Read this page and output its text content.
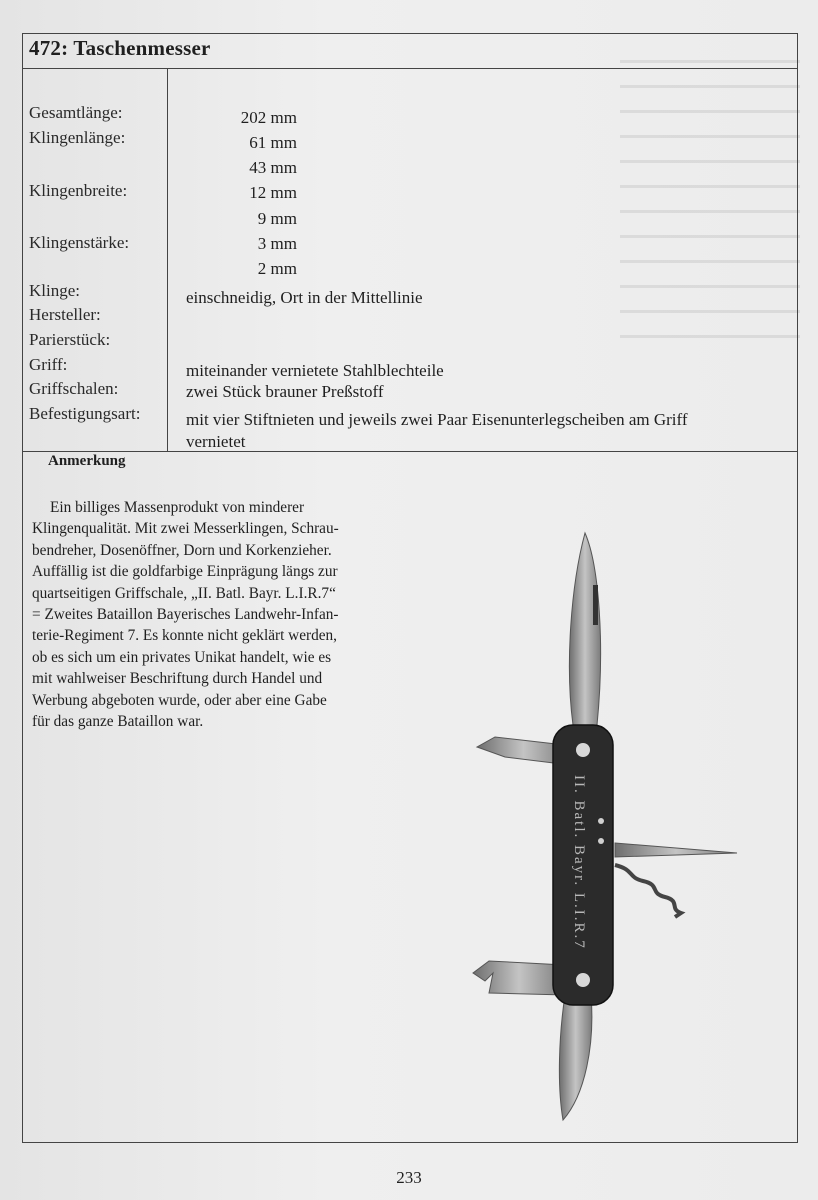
472: Taschenmesser
Gesamtlänge:	202 mm
Klingenlänge:	61 mm
43 mm
Klingenbreite:	12 mm
9 mm
Klingenstärke:	3 mm
2 mm
Klinge:	einschneidig, Ort in der Mittellinie
Hersteller:
Parierstück:
Griff:	miteinander vernietete Stahlblechteile
Griffschalen:	zwei Stück brauner Preßstoff
Befestigungsart:	mit vier Stiftnieten und jeweils zwei Paar Eisenunterlegscheiben am Griff
vernietet
Anmerkung
Ein billiges Massenprodukt von minderer
Klingenqualität. Mit zwei Messerklingen, Schrau-
bendreher, Dosenöffner, Dorn und Korkenzieher.
Auffällig ist die goldfarbige Einprägung längs zur
quartseitigen Griffschale, „II. Batl. Bayr. L.I.R.7“
= Zweites Bataillon Bayerisches Landwehr-Infan-
terie-Regiment 7. Es konnte nicht geklärt werden,
ob es sich um ein privates Unikat handelt, wie es
mit wahlweiser Beschriftung durch Handel und
Werbung abgeboten wurde, oder aber eine Gabe
für das ganze Bataillon war.
II. Batl. Bayr. L.I.R.7
233
